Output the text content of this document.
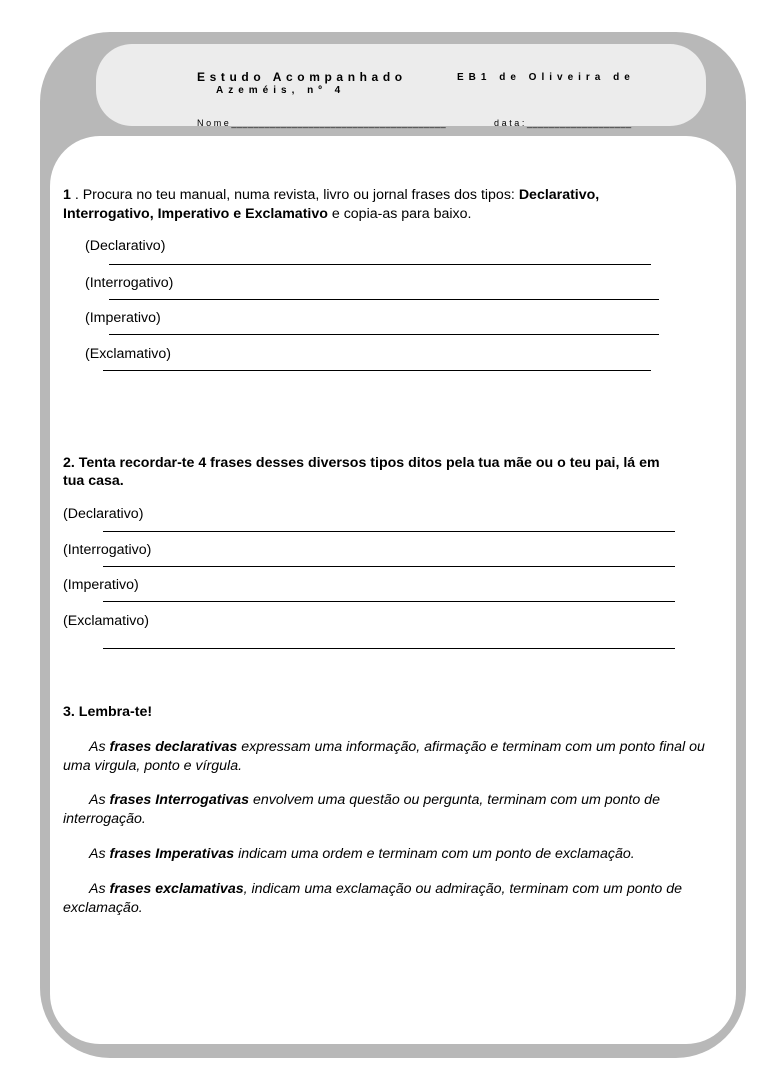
Estudo Acompanhado	EB1 de Oliveira de
Azeméis, nº 4
Nome_______________________________________	data:___________________
1 . Procura no teu manual, numa revista, livro ou jornal frases dos tipos: Declarativo,
Interrogativo, Imperativo e Exclamativo e copia-as para baixo.
(Declarativo)
(Interrogativo)
(Imperativo)
(Exclamativo)
2. Tenta recordar-te 4 frases desses diversos tipos ditos pela tua mãe ou o teu pai, lá em
tua casa.
(Declarativo)
(Interrogativo)
(Imperativo)
(Exclamativo)
3. Lembra-te!
As frases declarativas expressam uma informação, afirmação e terminam com um ponto final ou uma virgula, ponto e vírgula.
As frases Interrogativas envolvem uma questão ou pergunta, terminam com um ponto de interrogação.
As frases Imperativas indicam uma ordem e terminam com um ponto de exclamação.
As frases exclamativas, indicam uma exclamação ou admiração, terminam com um ponto de exclamação.
